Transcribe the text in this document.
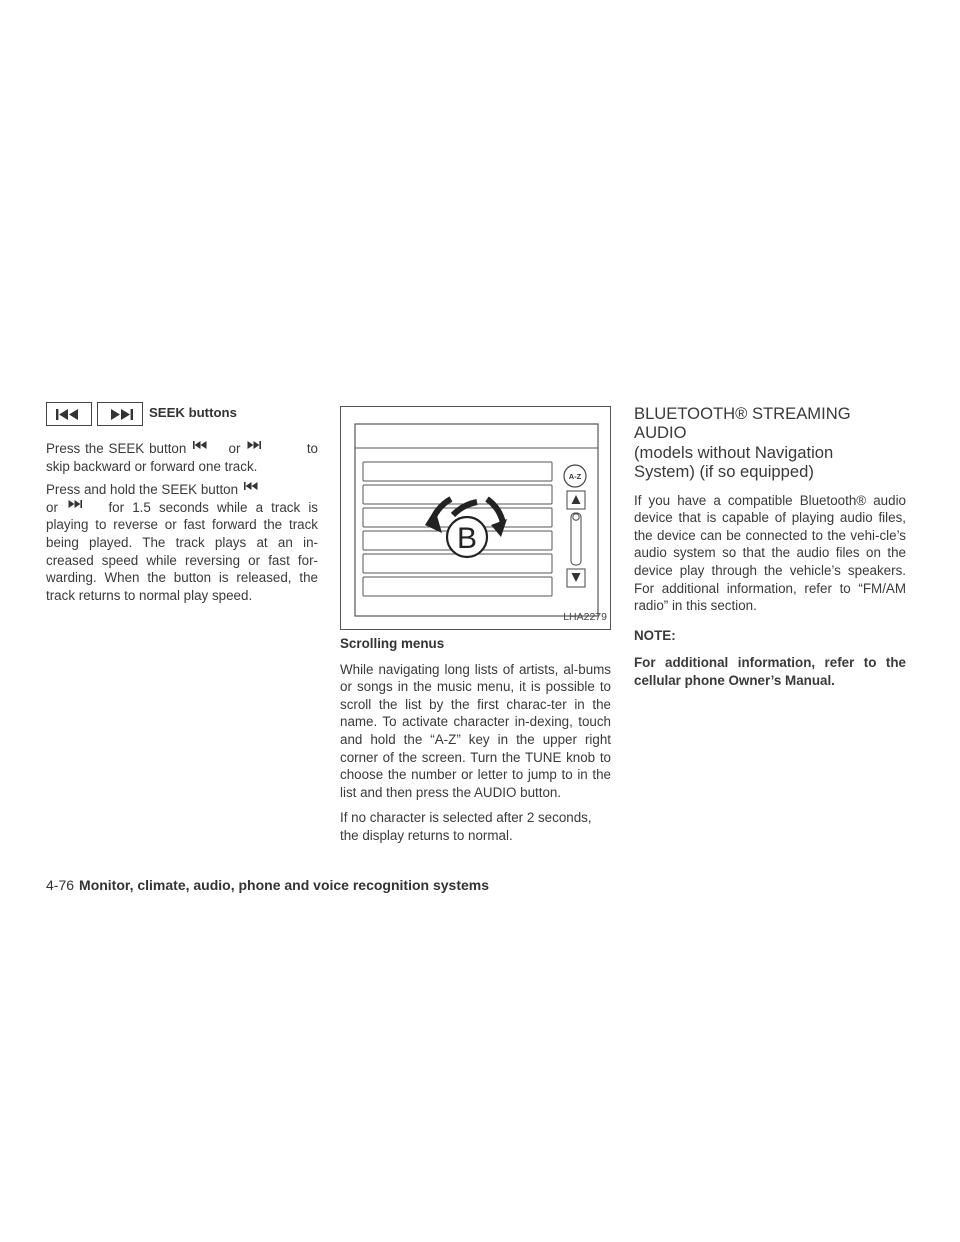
SEEK buttons

Press the SEEK button	or	to skip backward or forward one track.

Press and hold the SEEK button
or	for 1.5 seconds while a track is playing to reverse or fast forward the track being played. The track plays at an in-creased speed while reversing or fast for-warding. When the button is released, the track returns to normal play speed.

A-Z
B
LHA2279

Scrolling menus

While navigating long lists of artists, al-bums or songs in the music menu, it is possible to scroll the list by the first charac-ter in the name. To activate character in-dexing, touch and hold the “A-Z” key in the upper right corner of the screen. Turn the TUNE knob to choose the number or letter to jump to in the list and then press the AUDIO button.

If no character is selected after 2 seconds, the display returns to normal.

BLUETOOTH® STREAMING AUDIO
(models without Navigation
System) (if so equipped)

If you have a compatible Bluetooth® audio device that is capable of playing audio files, the device can be connected to the vehi-cle’s audio system so that the audio files on the device play through the vehicle’s speakers. For additional information, refer to “FM/AM radio” in this section.

NOTE:

For additional information, refer to the cellular phone Owner’s Manual.

4-76 Monitor, climate, audio, phone and voice recognition systems
